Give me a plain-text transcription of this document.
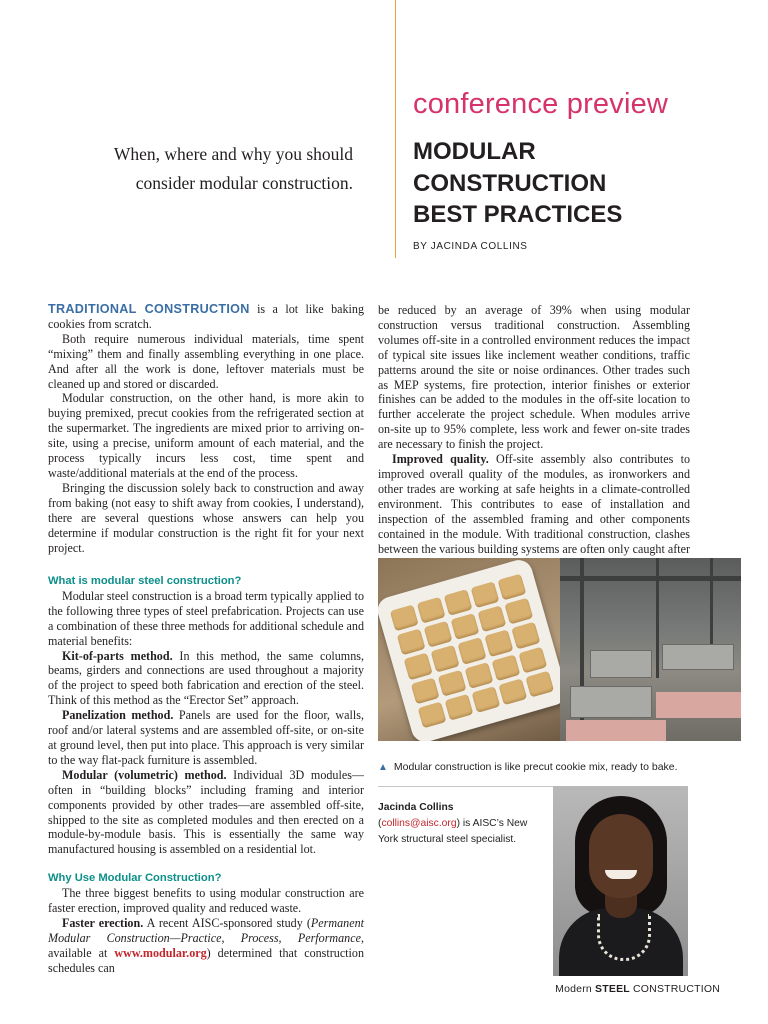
conference preview
When, where and why you should
consider modular construction.
MODULAR
CONSTRUCTION
BEST PRACTICES
BY JACINDA COLLINS

TRADITIONAL CONSTRUCTION is a lot like baking cookies from scratch.

Both require numerous individual materials, time spent “mixing” them and finally assembling everything in one place. And after all the work is done, leftover materials must be cleaned up and stored or discarded.

Modular construction, on the other hand, is more akin to buying premixed, precut cookies from the refrigerated section at the supermarket. The ingredients are mixed prior to arriving on-site, using a precise, uniform amount of each material, and the process typically incurs less cost, time spent and waste/additional materials at the end of the process.

Bringing the discussion solely back to construction and away from baking (not easy to shift away from cookies, I understand), there are several questions whose answers can help you determine if modular construction is the right fit for your next project.

What is modular steel construction?

Modular steel construction is a broad term typically applied to the following three types of steel prefabrication. Projects can use a combination of these three methods for additional schedule and material benefits:

Kit-of-parts method. In this method, the same columns, beams, girders and connections are used throughout a majority of the project to speed both fabrication and erection of the steel. Think of this method as the “Erector Set” approach.

Panelization method. Panels are used for the floor, walls, roof and/or lateral systems and are assembled off-site, or on-site at ground level, then put into place. This approach is very similar to the way flat-pack furniture is assembled.

Modular (volumetric) method. Individual 3D modules—often in “building blocks” including framing and interior components provided by other trades—are assembled off-site, shipped to the site as completed modules and then erected on a module-by-module basis. This is essentially the same way manufactured housing is assembled on a residential lot.

Why Use Modular Construction?

The three biggest benefits to using modular construction are faster erection, improved quality and reduced waste.

Faster erection. A recent AISC-sponsored study (Permanent Modular Construction—Practice, Process, Performance, available at www.modular.org) determined that construction schedules can

be reduced by an average of 39% when using modular construction versus traditional construction. Assembling volumes off-site in a controlled environment reduces the impact of typical site issues like inclement weather conditions, traffic patterns around the site or noise ordinances. Other trades such as MEP systems, fire protection, interior finishes or exterior finishes can be added to the modules in the off-site location to further accelerate the project schedule. When modules arrive on-site up to 95% complete, less work and fewer on-site trades are necessary to finish the project.

Improved quality. Off-site assembly also contributes to improved overall quality of the modules, as ironworkers and other trades are working at safe heights in a climate-controlled environment. This contributes to ease of installation and inspection of the assembled framing and other components contained in the module. With traditional construction, clashes between the various building systems are often only caught after

▲ Modular construction is like precut cookie mix, ready to bake.
Jacinda Collins (collins@aisc.org) is AISC’s New York structural steel specialist.
Modern STEEL CONSTRUCTION
